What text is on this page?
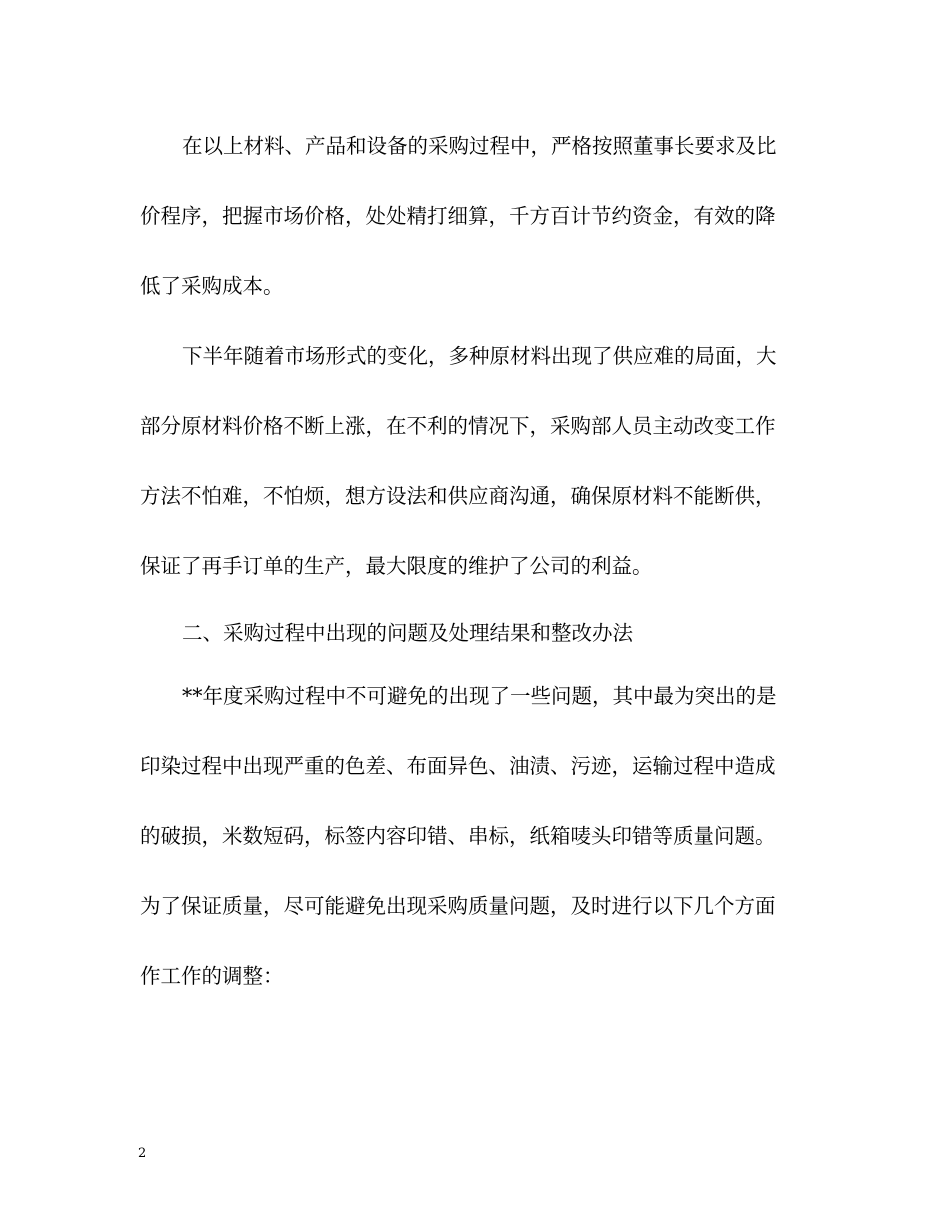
在以上材料、产品和设备的采购过程中，严格按照董事长要求及比
价程序，把握市场价格，处处精打细算，千方百计节约资金，有效的降
低了采购成本。
下半年随着市场形式的变化，多种原材料出现了供应难的局面，大
部分原材料价格不断上涨，在不利的情况下，采购部人员主动改变工作
方法不怕难，不怕烦，想方设法和供应商沟通，确保原材料不能断供，
保证了再手订单的生产，最大限度的维护了公司的利益。
二、采购过程中出现的问题及处理结果和整改办法
**年度采购过程中不可避免的出现了一些问题，其中最为突出的是
印染过程中出现严重的色差、布面异色、油渍、污迹，运输过程中造成
的破损，米数短码，标签内容印错、串标，纸箱唛头印错等质量问题。
为了保证质量，尽可能避免出现采购质量问题，及时进行以下几个方面
作工作的调整：
2
